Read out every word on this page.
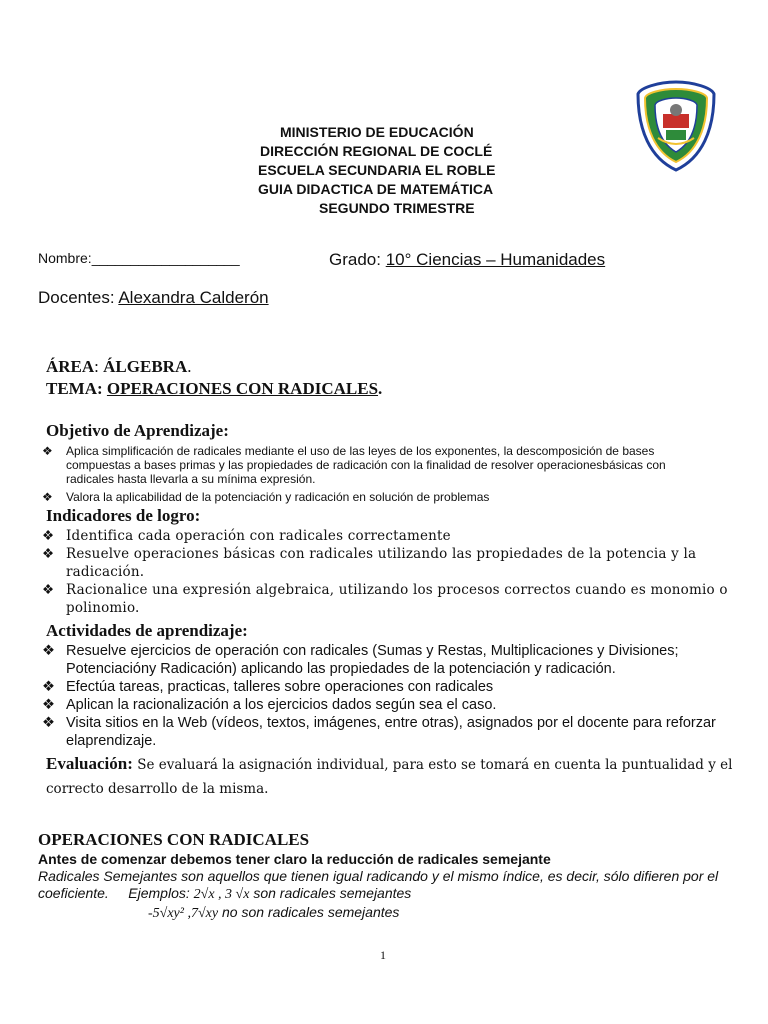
MINISTERIO DE EDUCACIÓN
DIRECCIÓN REGIONAL DE COCLÉ
ESCUELA SECUNDARIA EL ROBLE
GUIA DIDACTICA DE MATEMÁTICA
SEGUNDO TRIMESTRE
Nombre:___________________	Grado: 10° Ciencias – Humanidades
Docentes: Alexandra Calderón
ÁREA: ÁLGEBRA.
TEMA: OPERACIONES CON RADICALES.
Objetivo de Aprendizaje:
❖ Aplica simplificación de radicales mediante el uso de las leyes de los exponentes, la descomposición de bases compuestas a bases primas y las propiedades de radicación con la finalidad de resolver operacionesbásicas con radicales hasta llevarla a su mínima expresión.
❖ Valora la aplicabilidad de la potenciación y radicación en solución de problemas
Indicadores de logro:
❖ Identifica cada operación con radicales correctamente
❖ Resuelve operaciones básicas con radicales utilizando las propiedades de la potencia y la radicación.
❖ Racionalice una expresión algebraica, utilizando los procesos correctos cuando es monomio o polinomio.
Actividades de aprendizaje:
❖ Resuelve ejercicios de operación con radicales (Sumas y Restas, Multiplicaciones y Divisiones; Potenciacióny Radicación) aplicando las propiedades de la potenciación y radicación.
❖ Efectúa tareas, practicas, talleres sobre operaciones con radicales
❖ Aplican la racionalización a los ejercicios dados según sea el caso.
❖ Visita sitios en la Web (vídeos, textos, imágenes, entre otras), asignados por el docente para reforzar elaprendizaje.
Evaluación: Se evaluará la asignación individual, para esto se tomará en cuenta la puntualidad y el correcto desarrollo de la misma.
OPERACIONES CON RADICALES
Antes de comenzar debemos tener claro la reducción de radicales semejante
Radicales Semejantes son aquellos que tienen igual radicando y el mismo índice, es decir, sólo difieren por el coeficiente. Ejemplos: 2√x , 3 √x son radicales semejantes
-5√xy² ,7√xy no son radicales semejantes
1
